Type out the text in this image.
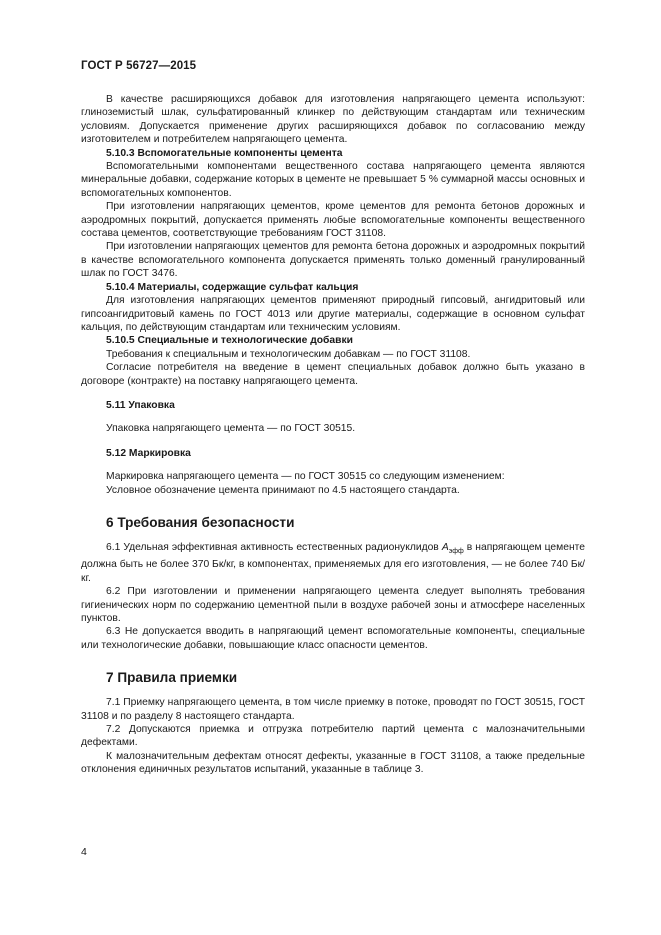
ГОСТ Р 56727—2015

В качестве расширяющихся добавок для изготовления напрягающего цемента используют: глиноземистый шлак, сульфатированный клинкер по действующим стандартам или техническим условиям. Допускается применение других расширяющихся добавок по согласованию между изготовителем и потребителем напрягающего цемента.

5.10.3 Вспомогательные компоненты цемента

Вспомогательными компонентами вещественного состава напрягающего цемента являются минеральные добавки, содержание которых в цементе не превышает 5 % суммарной массы основных и вспомогательных компонентов.

При изготовлении напрягающих цементов, кроме цементов для ремонта бетонов дорожных и аэродромных покрытий, допускается применять любые вспомогательные компоненты вещественного состава цементов, соответствующие требованиям ГОСТ 31108.

При изготовлении напрягающих цементов для ремонта бетона дорожных и аэродромных покрытий в качестве вспомогательного компонента допускается применять только доменный гранулированный шлак по ГОСТ 3476.

5.10.4 Материалы, содержащие сульфат кальция

Для изготовления напрягающих цементов применяют природный гипсовый, ангидритовый или гипсоангидритовый камень по ГОСТ 4013 или другие материалы, содержащие в основном сульфат кальция, по действующим стандартам или техническим условиям.

5.10.5 Специальные и технологические добавки

Требования к специальным и технологическим добавкам — по ГОСТ 31108.

Согласие потребителя на введение в цемент специальных добавок должно быть указано в договоре (контракте) на поставку напрягающего цемента.

5.11 Упаковка

Упаковка напрягающего цемента — по ГОСТ 30515.

5.12 Маркировка

Маркировка напрягающего цемента — по ГОСТ 30515 со следующим изменением:

Условное обозначение цемента принимают по 4.5 настоящего стандарта.

6 Требования безопасности

6.1 Удельная эффективная активность естественных радионуклидов $A_{эфф}$ в напрягающем цементе должна быть не более 370 Бк/кг, в компонентах, применяемых для его изготовления, — не более 740 Бк/кг.

6.2 При изготовлении и применении напрягающего цемента следует выполнять требования гигиенических норм по содержанию цементной пыли в воздухе рабочей зоны и атмосфере населенных пунктов.

6.3 Не допускается вводить в напрягающий цемент вспомогательные компоненты, специальные или технологические добавки, повышающие класс опасности цементов.

7 Правила приемки

7.1 Приемку напрягающего цемента, в том числе приемку в потоке, проводят по ГОСТ 30515, ГОСТ 31108 и по разделу 8 настоящего стандарта.

7.2 Допускаются приемка и отгрузка потребителю партий цемента с малозначительными дефектами.

К малозначительным дефектам относят дефекты, указанные в ГОСТ 31108, а также предельные отклонения единичных результатов испытаний, указанные в таблице 3.

4
